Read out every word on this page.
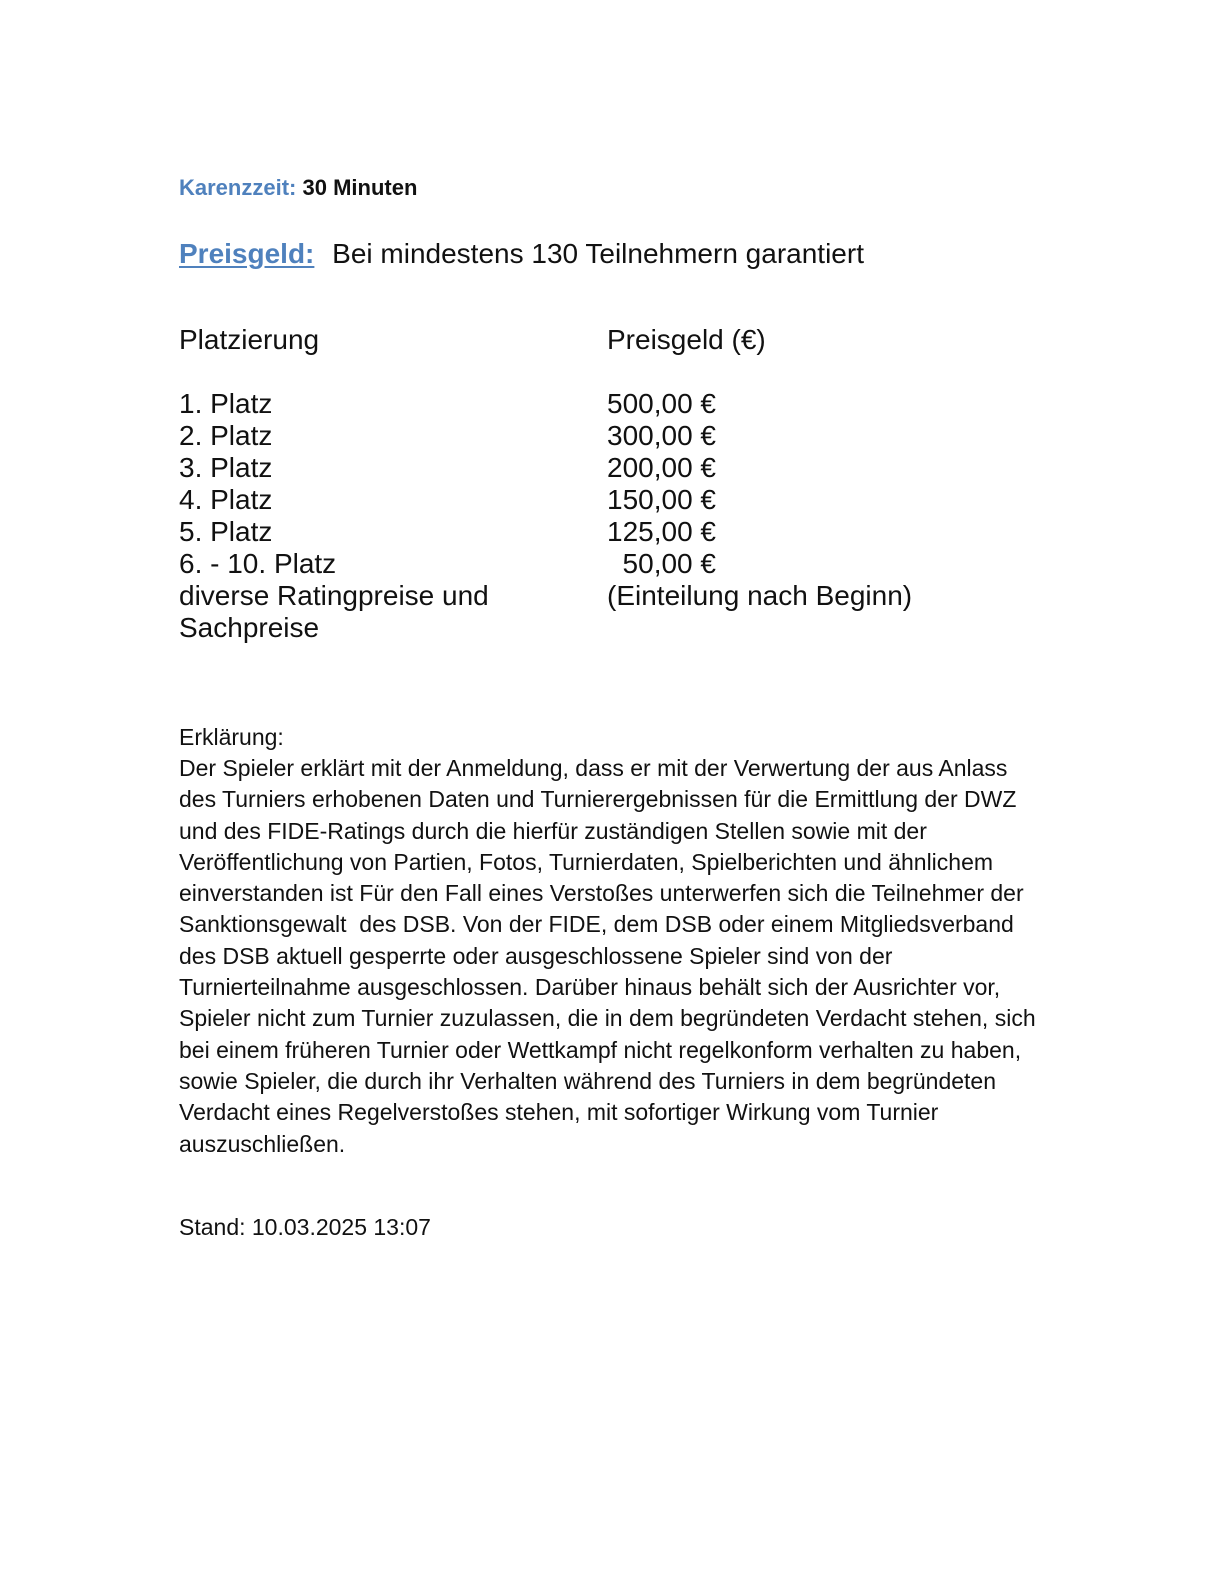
Karenzzeit: 30 Minuten
Preisgeld: Bei mindestens 130 Teilnehmern garantiert
Platzierung	Preisgeld (€)
1. Platz	500,00 €
2. Platz	300,00 €
3. Platz	200,00 €
4. Platz	150,00 €
5. Platz	125,00 €
6. - 10. Platz	50,00 €
diverse Ratingpreise und	(Einteilung nach Beginn)
Sachpreise
Erklärung:
Der Spieler erklärt mit der Anmeldung, dass er mit der Verwertung der aus Anlass
des Turniers erhobenen Daten und Turnierergebnissen für die Ermittlung der DWZ
und des FIDE-Ratings durch die hierfür zuständigen Stellen sowie mit der
Veröffentlichung von Partien, Fotos, Turnierdaten, Spielberichten und ähnlichem
einverstanden ist Für den Fall eines Verstoßes unterwerfen sich die Teilnehmer der
Sanktionsgewalt  des DSB. Von der FIDE, dem DSB oder einem Mitgliedsverband
des DSB aktuell gesperrte oder ausgeschlossene Spieler sind von der
Turnierteilnahme ausgeschlossen. Darüber hinaus behält sich der Ausrichter vor,
Spieler nicht zum Turnier zuzulassen, die in dem begründeten Verdacht stehen, sich
bei einem früheren Turnier oder Wettkampf nicht regelkonform verhalten zu haben,
sowie Spieler, die durch ihr Verhalten während des Turniers in dem begründeten
Verdacht eines Regelverstoßes stehen, mit sofortiger Wirkung vom Turnier
auszuschließen.
Stand: 10.03.2025 13:07
